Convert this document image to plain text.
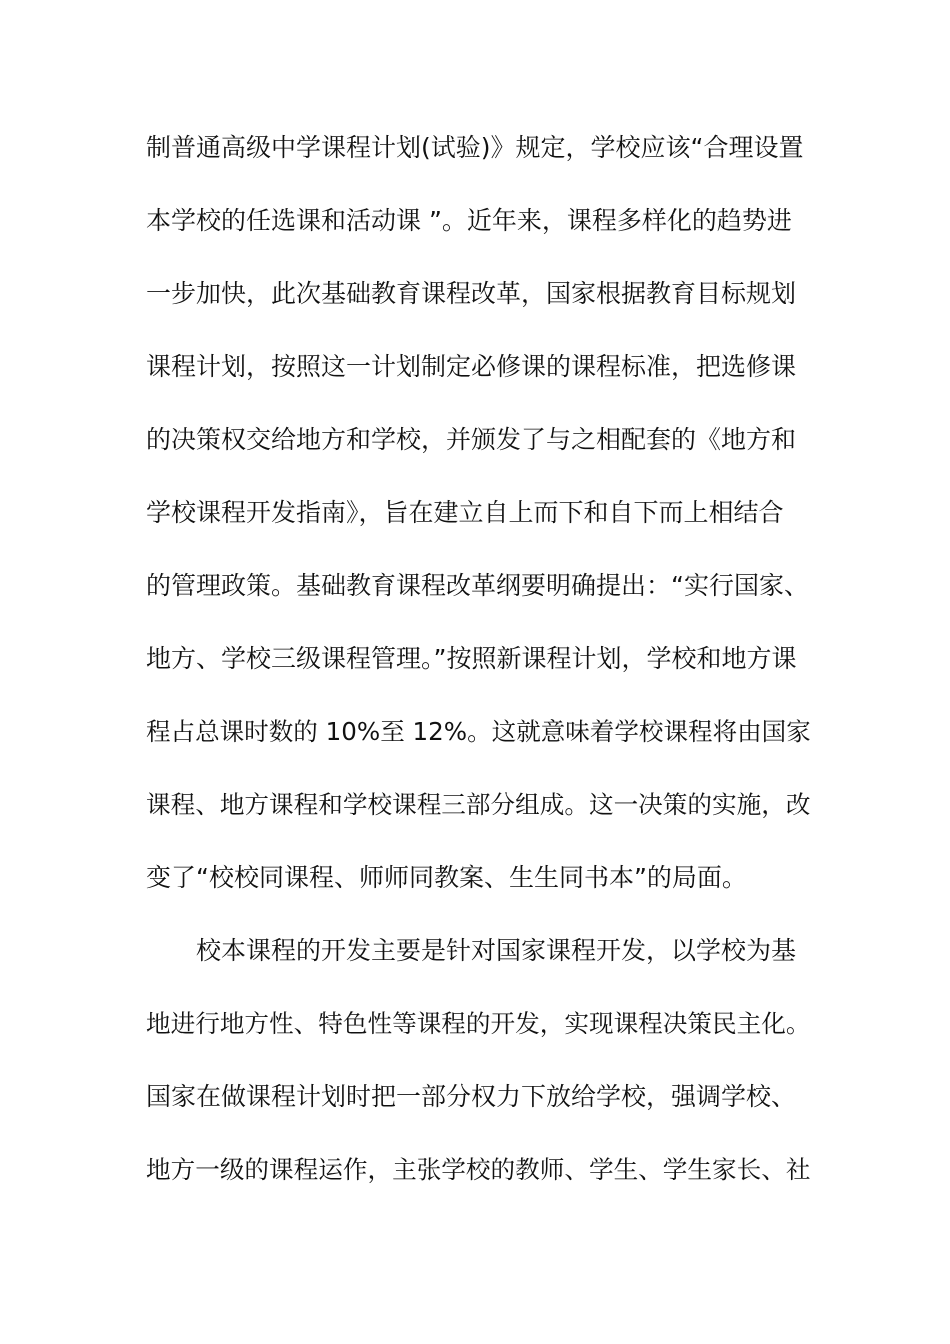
制普通高级中学课程计划(试验)》规定，学校应该“合理设置
本学校的任选课和活动课 ”。近年来，课程多样化的趋势进
一步加快，此次基础教育课程改革，国家根据教育目标规划
课程计划，按照这一计划制定必修课的课程标准，把选修课
的决策权交给地方和学校，并颁发了与之相配套的《地方和
学校课程开发指南》，旨在建立自上而下和自下而上相结合
的管理政策。基础教育课程改革纲要明确提出：“实行国家、
地方、学校三级课程管理。”按照新课程计划，学校和地方课
程占总课时数的 10%至 12%。这就意味着学校课程将由国家
课程、地方课程和学校课程三部分组成。这一决策的实施，改
变了“校校同课程、师师同教案、生生同书本”的局面。
校本课程的开发主要是针对国家课程开发，以学校为基
地进行地方性、特色性等课程的开发，实现课程决策民主化。
国家在做课程计划时把一部分权力下放给学校，强调学校、
地方一级的课程运作，主张学校的教师、学生、学生家长、社
